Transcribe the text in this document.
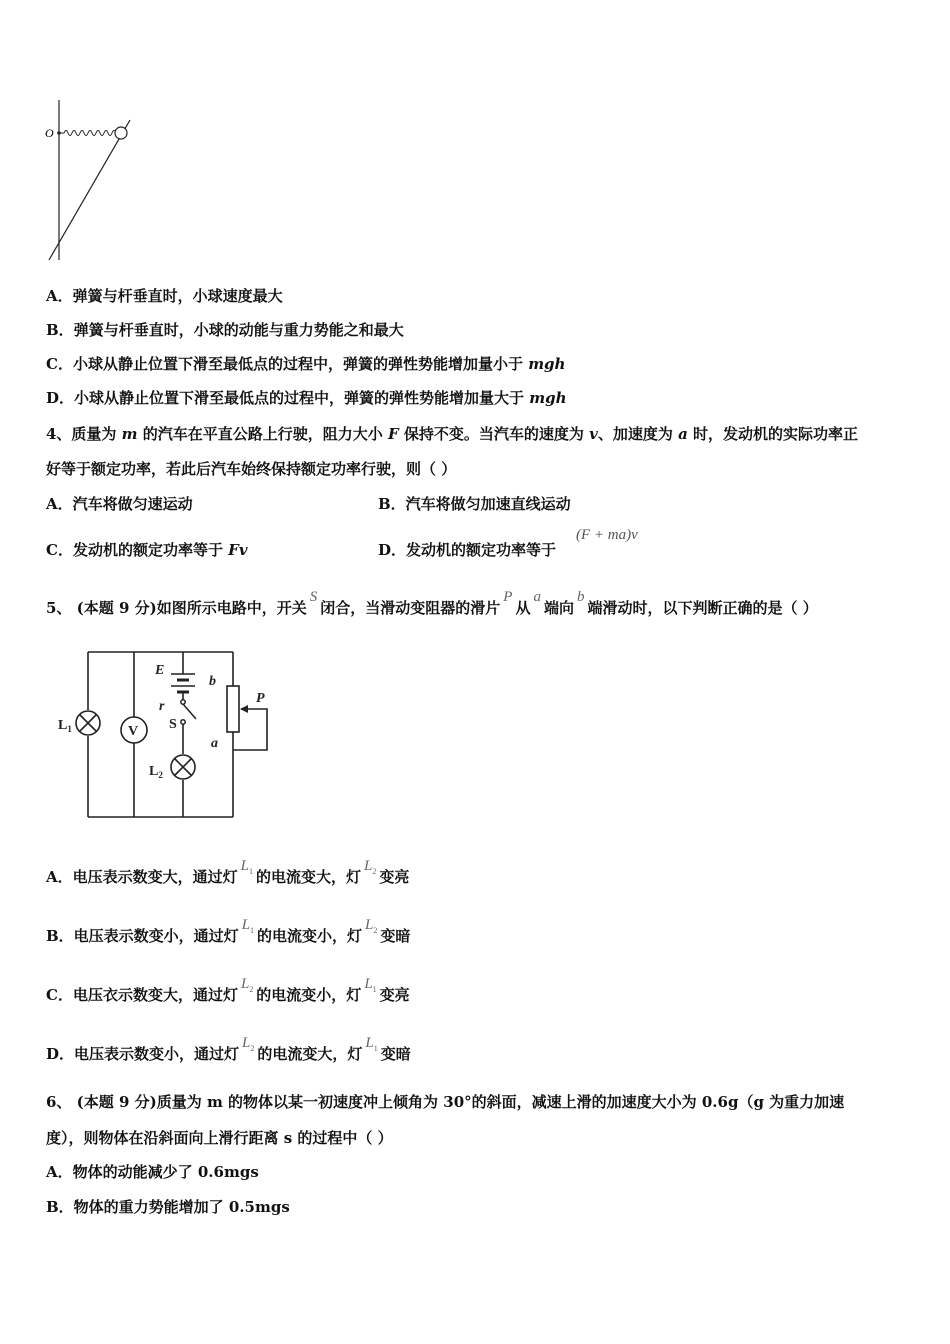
O
A．弹簧与杆垂直时，小球速度最大
B．弹簧与杆垂直时，小球的动能与重力势能之和最大
C．小球从静止位置下滑至最低点的过程中，弹簧的弹性势能增加量小于 mgh
D．小球从静止位置下滑至最低点的过程中，弹簧的弹性势能增加量大于 mgh
4、质量为 m 的汽车在平直公路上行驶，阻力大小 F 保持不变。当汽车的速度为 v、加速度为 a 时，发动机的实际功率正
好等于额定功率，若此后汽车始终保持额定功率行驶，则（ ）
A．汽车将做匀速运动	B．汽车将做匀加速直线运动
C．发动机的额定功率等于 Fv	D．发动机的额定功率等于
(F + ma)v
5、 (本题 9 分)如图所示电路中，开关S闭合，当滑动变阻器的滑片P从a端向b端滑动时，以下判断正确的是（ ）
V
E
b
P
r
a
S
$L_1$
$L_2$
A．电压表示数变大，通过灯$L_1$ 的电流变大，灯$L_2$ 变亮
B．电压表示数变小，通过灯$L_1$ 的电流变小，灯$L_2$ 变暗
C．电压衣示数变大，通过灯$L_2$ 的电流变小，灯$L_1$ 变亮
D．电压表示数变小，通过灯$L_2$ 的电流变大，灯$L_1$ 变暗
6、 (本题 9 分)质量为 m 的物体以某一初速度冲上倾角为 30°的斜面，减速上滑的加速度大小为 0.6g（g 为重力加速
度），则物体在沿斜面向上滑行距离 s 的过程中（ ）
A．物体的动能减少了 0.6mgs
B．物体的重力势能增加了 0.5mgs
